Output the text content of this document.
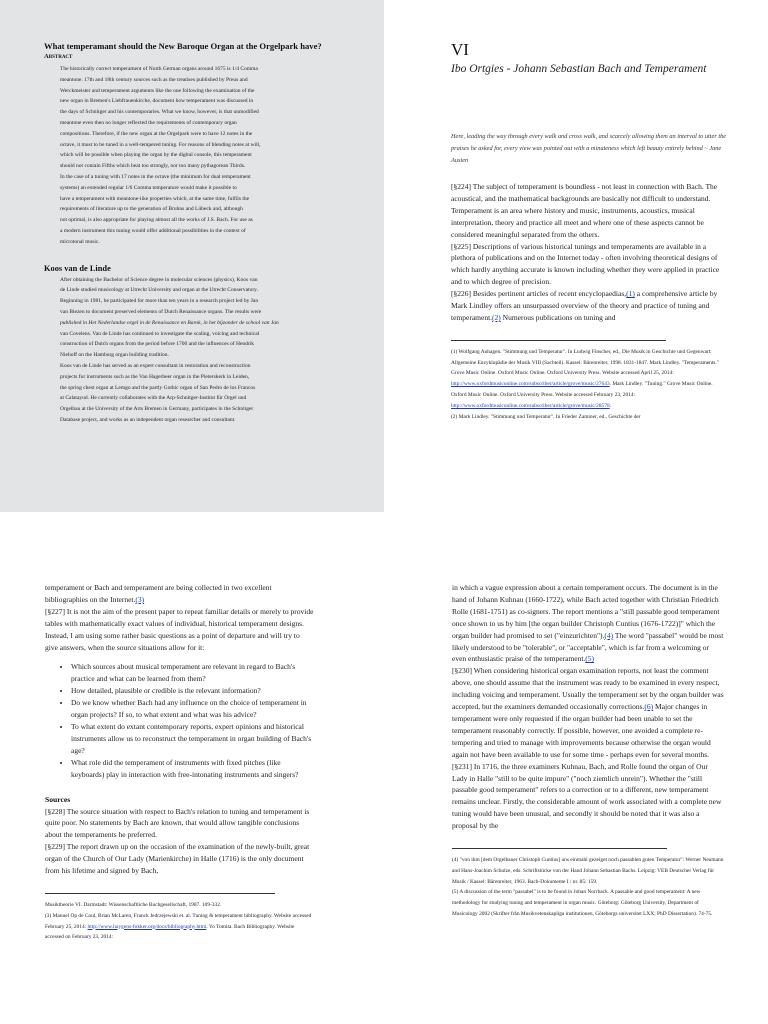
What temperamant should the New Baroque Organ at the Orgelpark have?

Abstract

The historically correct temperament of North German organs around 1675 is 1/4 Comma

meantone. 17th and 18th century sources such as the treatises published by Preus and

Werckmeister and temperament arguments like the one following the examination of the

new organ in Bremen's Liebfrauenkirche, document how temperament was discussed in

the days of Schnitger and his contemporaries. What we know, however, is that unmodified

meantone even then no longer reflected the requirements of contemporary organ

compositions. Therefore, if the new organ at the Orgelpark were to have 12 notes in the

octave, it must to be tuned in a well-tempered tuning. For reasons of blending notes at will,

which will be possible when playing the organ by the digital console, this temperament

should not contain Fifths which beat too strongly, nor too many pythagorean Thirds.

In the case of a tuning with 17 notes in the octave (the minimum for dual temperament

systems) an extended regular 1/6 Comma temperature would make it possible to

have a temperament with meantone-like properties which, at the same time, fulfils the

requirements of literature up to the generation of Bruhns and Lübeck and, although

not optimal, is also appropriate for playing almost all the works of J.S. Bach. For use as

a modern instrument this tuning would offer additional possibilities in the context of

microtonal music.

Koos van de Linde

After obtaining the Bachelor of Science degree in molecular sciences (physics), Koos van

de Linde studied musicology at Utrecht University and organ at the Utrecht Conservatory.

Beginning in 1981, he participated for more than ten years in a research project led by Jan

van Biezen to document preserved elements of Dutch Renaissance organs. The results were

published in Het Nederlandse orgel in de Renaissance en Barok, in het bijzonder de school van Jan

van Covelens. Van de Linde has continued to investigate the scaling, voicing and technical

construction of Dutch organs from the period before 1700 and the influences of Hendrik

Niehoff on the Hamburg organ building tradition.

Koos van de Linde has served as an expert consultant in restoration and reconstruction

projects for instruments such as the Van Hagerbeer organ in the Pieterskerk in Leiden,

the spring chest organ at Lemgo and the partly Gothic organ of San Pedro de los Francos

at Calatayud. He currently collaborates with the Arp-Schnitger-Institut für Orgel und

Orgelbau at the University of the Arts Bremen in Germany, participates in the Schnitger

Database project, and works as an independent organ researcher and consultant.

VI

Ibo Ortgies - Johann Sebastian Bach and Temperament

Here, leading the way through every walk and cross walk, and scarcely allowing them an interval to utter the praises he asked for, every view was pointed out with a minuteness which left beauty entirely behind ~ Jane Austen

[§224] The subject of temperament is boundless - not least in connection with Bach. The acoustical, and the mathematical backgrounds are basically not difficult to understand. Temperament is an area where history and music, instruments, acoustics, musical interpretation, theory and practice all meet and where one of these aspects cannot be considered meaningful separated from the others.

[§225] Descriptions of various historical tunings and temperaments are available in a plethora of publications and on the Internet today - often involving theoretical designs of which hardly anything accurate is known including whether they were applied in practice and to which degree of precision.

[§226] Besides pertinent articles of recent encyclopaedias,(1) a comprehensive article by Mark Lindley offers an unsurpassed overview of the theory and practice of tuning and temperament.(2) Numerous publications on tuning and

(1) Wolfgang Auhagen. "Stimmung und Temperatur". In Ludwig Finscher, ed., Die Musik in Geschichte und Gegenwart: Allgemeine Enzyklopädie der Musik VIII (Sachteil). Kassel: Bärenreiter, 1998. 1831-1847. Mark Lindley. "Temperaments." Grove Music Online. Oxford Music Online. Oxford University Press. Website accessed April 25, 2014: http://www.oxfordmusiconline.com/subscriber/article/grove/music/27643. Mark Lindley. "Tuning." Grove Music Online. Oxford Music Online. Oxford University Press. Website accessed February 23, 2014: http://www.oxfordmusiconline.com/subscriber/article/grove/music/28578.

(2) Mark Lindley. "Stimmung und Temperatur". In Frieder Zaminer, ed., Geschichte der

temperament or Bach and temperament are being collected in two excellent bibliographies on the Internet.(3)

[§227] It is not the aim of the present paper to repeat familiar details or merely to provide tables with mathematically exact values of individual, historical temperament designs. Instead, I am using some rather basic questions as a point of departure and will try to give answers, when the source situations allow for it:

• Which sources about musical temperament are relevant in regard to Bach's practice and what can be learned from them?
• How detailed, plausible or credible is the relevant information?
• Do we know whether Bach had any influence on the choice of temperament in organ projects? If so, to what extent and what was his advice?
• To what extent do extant contemporary reports, expert opinions and historical instruments allow us to reconstruct the temperament in organ building of Bach's age?
• What role did the temperament of instruments with fixed pitches (like keyboards) play in interaction with free-intonating instruments and singers?

Sources

[§228] The source situation with respect to Bach's relation to tuning and temperament is quite poor. No statements by Bach are known, that would allow tangible conclusions about the temperaments he preferred.

[§229] The report drawn up on the occasion of the examination of the newly-built, great organ of the Church of Our Lady (Marienkirche) in Halle (1716) is the only document from his lifetime and signed by Bach,

Musiktheorie VI. Darmstadt: Wissenschaftliche Buchgesellschaft, 1987. 109-332.

(3) Manuel Op de Coul, Brian McLaren, Franck Jedrzejewski et. al. Tuning & temperament bibliography. Website accessed February 25, 2014: http://www.huygens-fokker.org/docs/bibliography.html. Yo Tomita. Bach Bibliography. Website accessed on February 23, 2014:

in which a vague expression about a certain temperament occurs. The document is in the hand of Johann Kuhnau (1660-1722), while Bach acted together with Christian Friedrich Rolle (1681-1751) as co-signers. The report mentions a "still passable good temperament once shown to us by him [the organ builder Christoph Cuntius (1676-1722)]" which the organ builder had promised to set ("einzurichten").(4) The word "passabel" would be most likely understood to be "tolerable", or "acceptable", which is far from a welcoming or even enthusiastic praise of the temperament.(5)

[§230] When considering historical organ examination reports, not least the comment above, one should assume that the instrument was ready to be examined in every respect, including voicing and temperament. Usually the temperament set by the organ builder was accepted, but the examiners demanded occasionally corrections.(6) Major changes in temperament were only requested if the organ builder had been unable to set the temperament reasonably correctly. If possible, however, one avoided a complete re-tempering and tried to manage with improvements because otherwise the organ would again not have been available to use for some time - perhaps even for several months.

[§231] In 1716, the three examiners Kuhnau, Bach, and Rolle found the organ of Our Lady in Halle "still to be quite impure" ("noch ziemlich unrein"). Whether the "still passable good temperament" refers to a correction or to a different, new temperament remains unclear. Firstly, the considerable amount of work associated with a complete new tuning would have been unusual, and secondly it should be noted that it was also a proposal by the

(4) "von ihm [dem Orgelbauer Christoph Cuntius] uns einmahl gezeiget noch passablen guten Temperatur": Werner Neumann and Hans-Joachim Schulze, eds. Schriftstücke von der Hand Johann Sebastian Bachs. Leipzig: VEB Deutscher Verlag für Musik / Kassel: Bärenreiter, 1963. Bach-Dokumente I / nr. 85: 159.

(5) A discussion of the term "passabel" is to be found in Johan Norrback. A passable and good temperament: A new methodology for studying tuning and temperament in organ music. Göteborg: Göteborg University, Department of Musicology 2002 (Skrifter från Musikvetenskapliga institutionen, Göteborgs universitet LXX; PhD Dissertation). 74-75.
